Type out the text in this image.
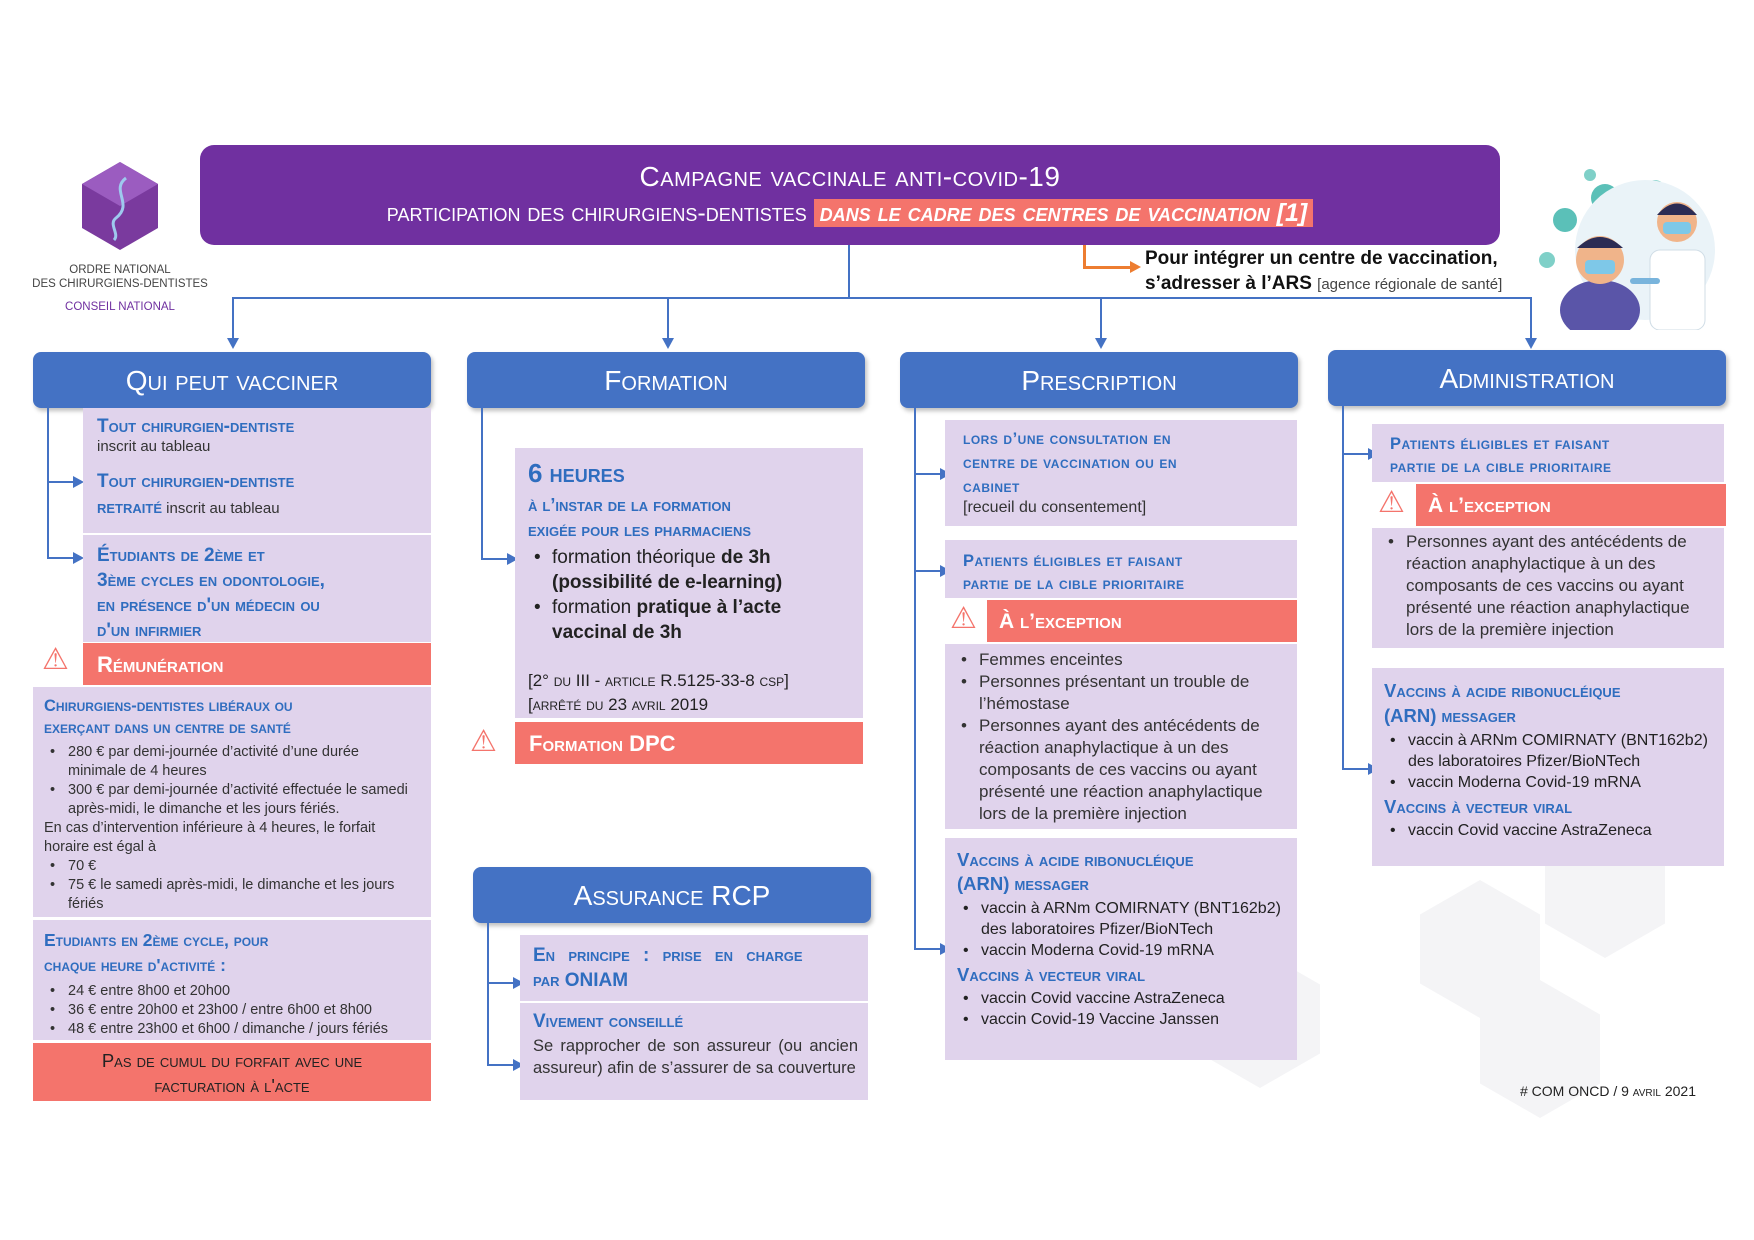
ORDRE NATIONAL
DES CHIRURGIENS-DENTISTES
CONSEIL NATIONAL
Campagne vaccinale anti-covid-19
participation des chirurgiens-dentistes dans le cadre des centres de vaccination [1]
Pour intégrer un centre de vaccination,
s’adresser à l’ARS [agence régionale de santé]
Qui peut vacciner
Tout chirurgien-dentiste
inscrit au tableau
Tout chirurgien-dentiste
retraité inscrit au tableau
Étudiants de 2ème et
3ème cycles en odontologie,
en présence d'un médecin ou
d'un infirmier
⚠	Rémunération
Chirurgiens-dentistes libéraux ou
exerçant dans un centre de santé
• 280 € par demi-journée d’activité d’une durée minimale de 4 heures
• 300 € par demi-journée d’activité effectuée le samedi après-midi, le dimanche et les jours fériés.
En cas d’intervention inférieure à 4 heures, le forfait horaire est égal à
• 70 €
• 75 € le samedi après-midi, le dimanche et les jours fériés
Etudiants en 2ème cycle, pour
chaque heure d'activité :
• 24 € entre 8h00 et 20h00
• 36 € entre 20h00 et 23h00 / entre 6h00 et 8h00
• 48 € entre 23h00 et 6h00 / dimanche / jours fériés
Pas de cumul du forfait avec une
facturation à l'acte
Formation
6 heures
à l’instar de la formation
exigée pour les pharmaciens
• formation théorique de 3h (possibilité de e-learning)
• formation pratique à l’acte vaccinal de 3h
[2° du III - article R.5125-33-8 csp]
[arrêté du 23 avril 2019
⚠	Formation DPC
Assurance RCP
En principe : prise en charge
par ONIAM
Vivement conseillé
Se rapprocher de son assureur (ou ancien assureur) afin de s’assurer de sa couverture
Prescription
lors d’une consultation en
centre de vaccination ou en
cabinet
[recueil du consentement]
Patients éligibles et faisant
partie de la cible prioritaire
⚠	À l’exception
• Femmes enceintes
• Personnes présentant un trouble de l’hémostase
• Personnes ayant des antécédents de réaction anaphylactique à un des composants de ces vaccins ou ayant présenté une réaction anaphylactique lors de la première injection
Vaccins à acide ribonucléique
(ARN) messager
• vaccin à ARNm COMIRNATY (BNT162b2) des laboratoires Pfizer/BioNTech
• vaccin Moderna Covid-19 mRNA
Vaccins à vecteur viral
• vaccin Covid vaccine AstraZeneca
• vaccin Covid-19 Vaccine Janssen
Administration
Patients éligibles et faisant
partie de la cible prioritaire
⚠	À l’exception
• Personnes ayant des antécédents de réaction anaphylactique à un des composants de ces vaccins ou ayant présenté une réaction anaphylactique lors de la première injection
Vaccins à acide ribonucléique
(ARN) messager
• vaccin à ARNm COMIRNATY (BNT162b2) des laboratoires Pfizer/BioNTech
• vaccin Moderna Covid-19 mRNA
Vaccins à vecteur viral
• vaccin Covid vaccine AstraZeneca
# COM ONCD / 9 avril 2021
